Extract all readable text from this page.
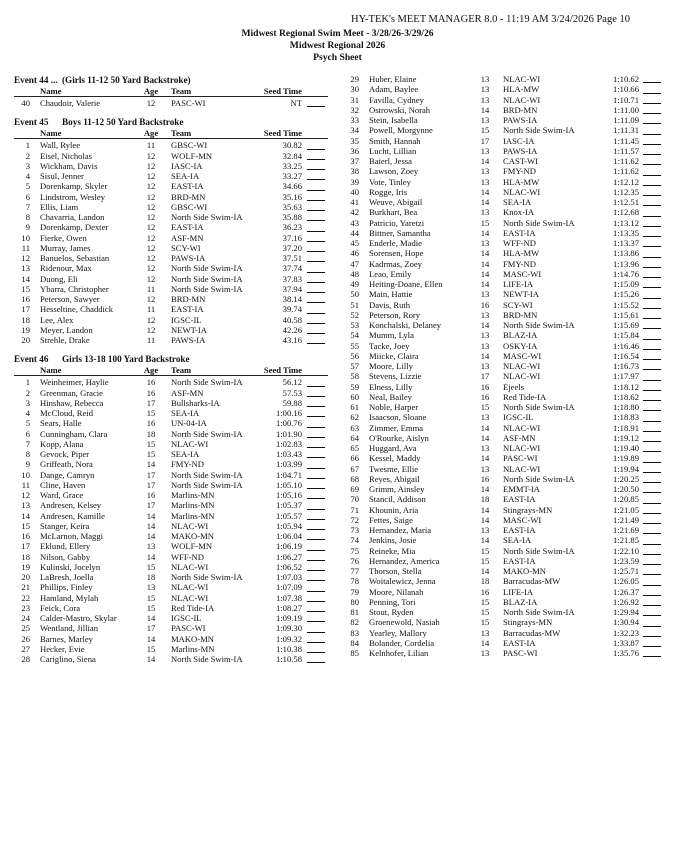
HY-TEK's MEET MANAGER 8.0 - 11:19 AM 3/24/2026 Page 10
Midwest Regional Swim Meet - 3/28/26-3/29/26
Midwest Regional 2026
Psych Sheet
Event 44 ... (Girls 11-12 50 Yard Backstroke)
Name	Age	Team	Seed Time
40 Chaudoir, Valerie	12	PASC-WI	NT
Event 45 Boys 11-12 50 Yard Backstroke
Name	Age	Team	Seed Time
1 Wall, Rylee	11	GBSC-WI	30.82
2 Eisel, Nicholas	12	WOLF-MN	32.84
3 Wickham, Davis	12	IASC-IA	33.25
4 Sisul, Jenner	12	SEA-IA	33.27
5 Dorenkamp, Skyler	12	EAST-IA	34.66
6 Lindstrom, Wesley	12	BRD-MN	35.16
7 Ellis, Liam	12	GBSC-WI	35.63
8 Chavarria, Landon	12	North Side Swim-IA	35.88
9 Dorenkamp, Dexter	12	EAST-IA	36.23
10 Fierke, Owen	12	ASF-MN	37.16
11 Murray, James	12	SCY-WI	37.20
12 Banuelos, Sebastian	12	PAWS-IA	37.51
13 Ridenour, Max	12	North Side Swim-IA	37.74
14 Duong, Eli	12	North Side Swim-IA	37.83
15 Ybarra, Christopher	11	North Side Swim-IA	37.94
16 Peterson, Sawyer	12	BRD-MN	38.14
17 Hesseltine, Chaddick	11	EAST-IA	39.74
18 Lee, Alex	12	IGSC-IL	40.58
19 Meyer, Landon	12	NEWT-IA	42.26
20 Strehle, Drake	11	PAWS-IA	43.16
Event 46 Girls 13-18 100 Yard Backstroke
Name	Age	Team	Seed Time
1 Weinheimer, Haylie	16	North Side Swim-IA	56.12
2 Greenman, Gracie	16	ASF-MN	57.53
3 Hinshaw, Rebecca	17	Bullsharks-IA	59.88
4 McCloud, Reid	15	SEA-IA	1:00.16
5 Sears, Halle	16	UN-04-IA	1:00.76
6 Cunningham, Clara	18	North Side Swim-IA	1:01.90
7 Kopp, Alana	15	NLAC-WI	1:02.83
8 Gevock, Piper	15	SEA-IA	1:03.43
9 Griffeath, Nora	14	FMY-ND	1:03.99
10 Dange, Camryn	17	North Side Swim-IA	1:04.71
11 Cline, Haven	17	North Side Swim-IA	1:05.10
12 Ward, Grace	16	Marlins-MN	1:05.16
13 Andresen, Kelsey	17	Marlins-MN	1:05.37
14 Andresen, Kamille	14	Marlins-MN	1:05.57
15 Stanger, Keira	14	NLAC-WI	1:05.94
16 McLarnon, Maggi	14	MAKO-MN	1:06.04
17 Eklund, Ellery	13	WOLF-MN	1:06.19
18 Nilson, Gabby	14	WFF-ND	1:06.27
19 Kulinski, Jocelyn	15	NLAC-WI	1:06.52
20 LaBresh, Joella	18	North Side Swim-IA	1:07.03
21 Phillips, Finley	13	NLAC-WI	1:07.09
22 Hamland, Mylah	15	NLAC-WI	1:07.38
23 Feick, Cora	15	Red Tide-IA	1:08.27
24 Calder-Mastro, Skylar	14	IGSC-IL	1:09.19
25 Wentland, Jillian	17	PASC-WI	1:09.30
26 Barnes, Marley	14	MAKO-MN	1:09.32
27 Hecker, Evie	15	Marlins-MN	1:10.38
28 Cariglino, Siena	14	North Side Swim-IA	1:10.58
29 Huber, Elaine	13	NLAC-WI	1:10.62
30 Adam, Baylee	13	HLA-MW	1:10.66
31 Favilla, Cydney	13	NLAC-WI	1:10.71
32 Ostrowski, Norah	14	BRD-MN	1:11.00
33 Stein, Isabella	13	PAWS-IA	1:11.09
34 Powell, Morgynne	15	North Side Swim-IA	1:11.31
35 Smith, Hannah	17	IASC-IA	1:11.45
36 Lucht, Lillian	13	PAWS-IA	1:11.57
37 Baierl, Jessa	14	CAST-WI	1:11.62
38 Lawson, Zoey	13	FMY-ND	1:11.62
39 Vote, Tinley	13	HLA-MW	1:12.12
40 Rogge, Iris	14	NLAC-WI	1:12.35
41 Weuve, Abigail	14	SEA-IA	1:12.51
42 Burkhart, Bea	13	Knox-IA	1:12.68
43 Patricio, Yaretzi	15	North Side Swim-IA	1:13.12
44 Bittner, Samantha	14	EAST-IA	1:13.35
45 Enderle, Madie	13	WFF-ND	1:13.37
46 Sorensen, Hope	14	HLA-MW	1:13.86
47 Kadrmas, Zoey	14	FMY-ND	1:13.96
48 Leao, Emily	14	MASC-WI	1:14.76
49 Heiting-Doane, Ellen	14	LIFE-IA	1:15.09
50 Main, Hattie	13	NEWT-IA	1:15.26
51 Davis, Ruth	16	SCY-WI	1:15.52
52 Peterson, Rory	13	BRD-MN	1:15.61
53 Konchalski, Delaney	14	North Side Swim-IA	1:15.69
54 Mumm, Lyla	13	BLAZ-IA	1:15.84
55 Tacke, Joey	13	OSKY-IA	1:16.46
56 Miicke, Claira	14	MASC-WI	1:16.54
57 Moore, Lilly	13	NLAC-WI	1:16.73
58 Stevens, Lizzie	17	NLAC-WI	1:17.97
59 Elness, Lilly	16	Ejeels	1:18.12
60 Neal, Bailey	16	Red Tide-IA	1:18.62
61 Noble, Harper	15	North Side Swim-IA	1:18.80
62 Isaacson, Sloane	13	IGSC-IL	1:18.83
63 Zimmer, Emma	14	NLAC-WI	1:18.91
64 O'Rourke, Aislyn	14	ASF-MN	1:19.12
65 Huggard, Ava	13	NLAC-WI	1:19.40
66 Kessel, Maddy	14	PASC-WI	1:19.89
67 Twesme, Ellie	13	NLAC-WI	1:19.94
68 Reyes, Abigail	16	North Side Swim-IA	1:20.25
69 Grimm, Ainsley	14	EMMT-IA	1:20.50
70 Stancil, Addison	18	EAST-IA	1:20.85
71 Khounin, Aria	14	Stingrays-MN	1:21.05
72 Fettes, Saige	14	MASC-WI	1:21.49
73 Hernandez, Maria	13	EAST-IA	1:21.69
74 Jenkins, Josie	14	SEA-IA	1:21.85
75 Reineke, Mia	15	North Side Swim-IA	1:22.10
76 Hernandez, America	15	EAST-IA	1:23.59
77 Thorson, Stella	14	MAKO-MN	1:25.71
78 Woitalewicz, Jenna	18	Barracudas-MW	1:26.05
79 Moore, Nilanah	16	LIFE-IA	1:26.37
80 Penning, Tori	15	BLAZ-IA	1:26.92
81 Stout, Ryden	15	North Side Swim-IA	1:29.94
82 Groenewold, Nasiah	15	Stingrays-MN	1:30.94
83 Yearley, Mallory	13	Barracudas-MW	1:32.23
84 Bolander, Cordelia	14	EAST-IA	1:33.87
85 Kelnhofer, Lilian	13	PASC-WI	1:35.76
